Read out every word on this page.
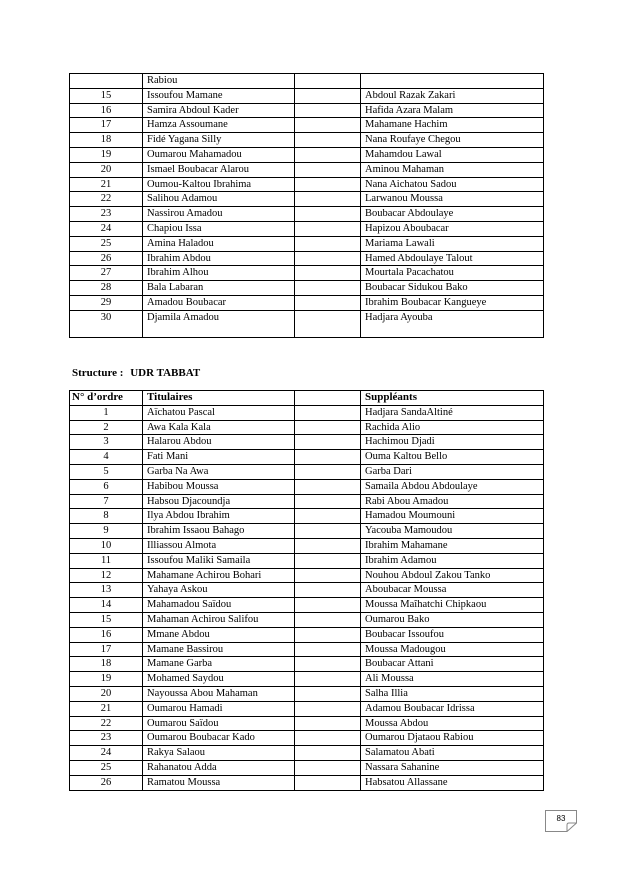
	Rabiou		
15	Issoufou Mamane		Abdoul Razak Zakari
16	Samira Abdoul Kader		Hafida Azara Malam
17	Hamza Assoumane		Mahamane Hachim
18	Fidé Yagana Silly		Nana Roufaye Chegou
19	Oumarou Mahamadou		Mahamdou Lawal
20	Ismael Boubacar Alarou		Aminou Mahaman
21	Oumou-Kaltou Ibrahima		Nana Aichatou Sadou
22	Salihou Adamou		Larwanou Moussa
23	Nassirou Amadou		Boubacar Abdoulaye
24	Chapiou Issa		Hapizou Aboubacar
25	Amina Haladou		Mariama Lawali
26	Ibrahim Abdou		Hamed Abdoulaye Talout
27	Ibrahim Alhou		Mourtala Pacachatou
28	Bala Labaran		Boubacar Sidukou Bako
29	Amadou Boubacar		Ibrahim Boubacar Kangueye
30	Djamila Amadou		Hadjara Ayouba
Structure : UDR TABBAT
N° d’ordre	Titulaires		Suppléants
1	Aïchatou Pascal		Hadjara SandaAltiné
2	Awa Kala Kala		Rachida Alio
3	Halarou Abdou		Hachimou Djadi
4	Fati Mani		Ouma Kaltou Bello
5	Garba Na Awa		Garba Dari
6	Habibou Moussa		Samaila Abdou Abdoulaye
7	Habsou Djacoundja		Rabi Abou Amadou
8	Ilya Abdou Ibrahim		Hamadou Moumouni
9	Ibrahim Issaou Bahago		Yacouba Mamoudou
10	Illiassou Almota		Ibrahim Mahamane
11	Issoufou Maliki Samaila		Ibrahim Adamou
12	Mahamane Achirou Bohari		Nouhou Abdoul Zakou Tanko
13	Yahaya Askou		Aboubacar Moussa
14	Mahamadou Saïdou		Moussa Maîhatchi Chipkaou
15	Mahaman Achirou Salifou		Oumarou Bako
16	Mmane Abdou		Boubacar Issoufou
17	Mamane Bassirou		Moussa Madougou
18	Mamane Garba		Boubacar Attani
19	Mohamed Saydou		Ali Moussa
20	Nayoussa Abou Mahaman		Salha Illia
21	Oumarou Hamadi		Adamou Boubacar Idrissa
22	Oumarou Saïdou		Moussa Abdou
23	Oumarou Boubacar Kado		Oumarou Djataou Rabiou
24	Rakya Salaou		Salamatou Abati
25	Rahanatou Adda		Nassara Sahanine
26	Ramatou Moussa		Habsatou Allassane
83
